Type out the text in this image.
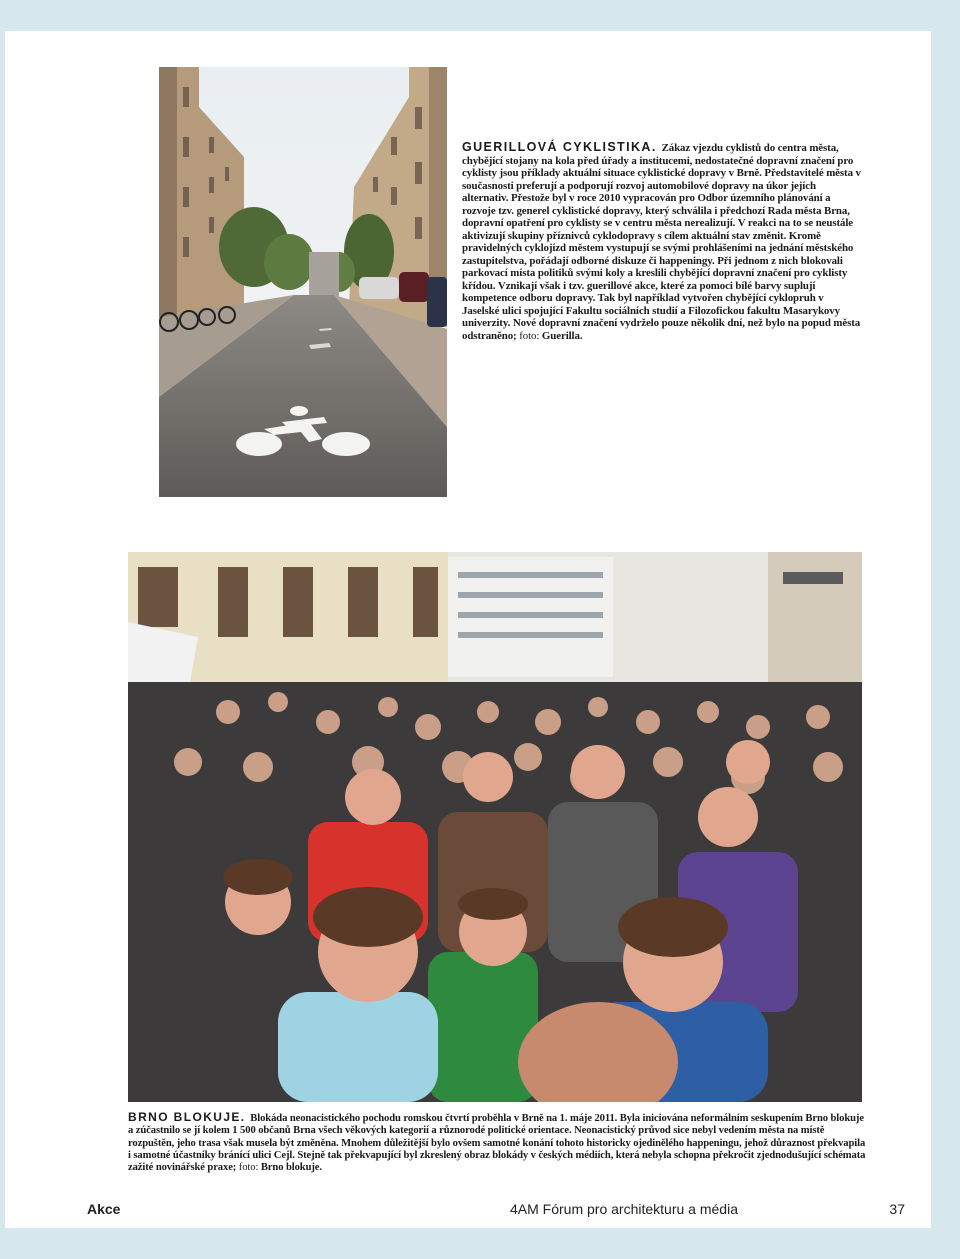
GUERILLOVÁ CYKLISTIKA. Zákaz vjezdu cyklistů do centra města, chybějící stojany na kola před úřady a institucemi, nedostatečné dopravní značení pro cyklisty jsou příklady aktuální situace cyklistické dopravy v Brně. Představitelé města v současnosti preferují a podporují rozvoj automobilové dopravy na úkor jejích alternativ. Přestože byl v roce 2010 vypracován pro Odbor územního plánování a rozvoje tzv. generel cyklistické dopravy, který schválila i předchozí Rada města Brna, dopravní opatření pro cyklisty se v centru města nerealizují. V reakci na to se neustále aktivizují skupiny příznivců cyklodopravy s cílem aktuální stav změnit. Kromě pravidelných cyklojízd městem vystupují se svými prohlášeními na jednání městského zastupitelstva, pořádají odborné diskuze či happeningy. Při jednom z nich blokovali parkovací místa politiků svými koly a kreslili chybějící dopravní značení pro cyklisty křídou. Vznikají však i tzv. guerillové akce, které za pomoci bílé barvy suplují kompetence odboru dopravy. Tak byl například vytvořen chybějící cyklopruh v Jaselské ulici spojující Fakultu sociálních studií a Filozofickou fakultu Masarykovy univerzity. Nové dopravní značení vydrželo pouze několik dní, než bylo na popud města odstraněno; foto: Guerilla.
BRNO BLOKUJE. Blokáda neonacistického pochodu romskou čtvrtí proběhla v Brně na 1. máje 2011. Byla iniciována neformálním seskupením Brno blokuje a zúčastnilo se jí kolem 1 500 občanů Brna všech věkových kategorií a různorodé politické orientace. Neonacistický průvod sice nebyl vedením města na místě rozpuštěn, jeho trasa však musela být změněna. Mnohem důležitější bylo ovšem samotné konání tohoto historicky ojedinělého happeningu, jehož důraznost překvapila i samotné účastníky bránící ulici Cejl. Stejně tak překvapující byl zkreslený obraz blokády v českých médiích, která nebyla schopna překročit zjednodušující schémata zažité novinářské praxe; foto: Brno blokuje.
Akce	4AM Fórum pro architekturu a média	37
